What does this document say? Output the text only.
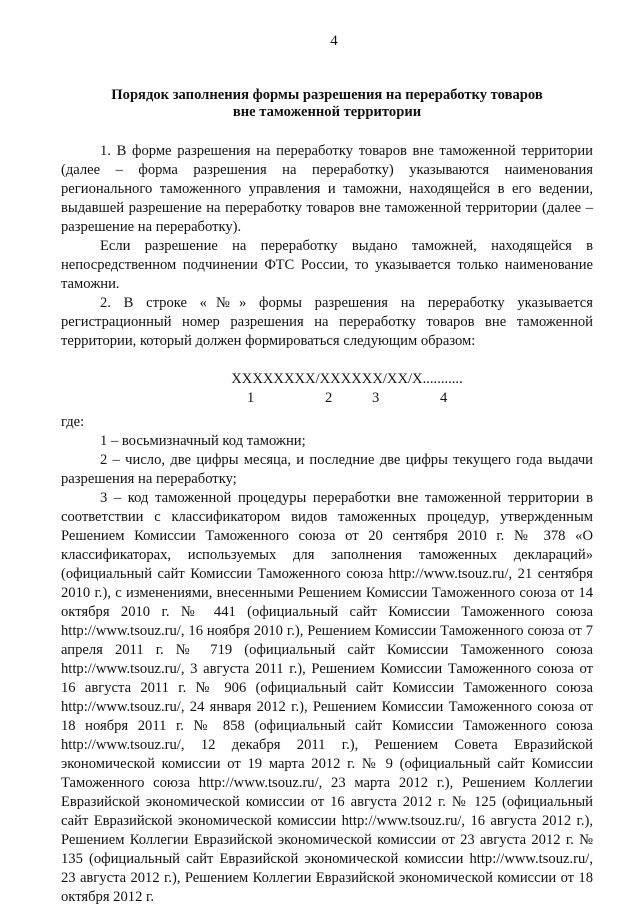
4
Порядок заполнения формы разрешения на переработку товаров
вне таможенной территории

1. В форме разрешения на переработку товаров вне таможенной территории (далее – форма разрешения на переработку) указываются наименования регионального таможенного управления и таможни, находящейся в его ведении, выдавшей разрешение на переработку товаров вне таможенной территории (далее – разрешение на переработку).

Если разрешение на переработку выдано таможней, находящейся в непосредственном подчинении ФТС России, то указывается только наименование таможни.

2. В строке «№» формы разрешения на переработку указывается регистрационный номер разрешения на переработку товаров вне таможенной территории, который должен формироваться следующим образом:

XXXXXXXX/XXXXXX/XX/X...........
1	2	3	4

где:

1 – восьмизначный код таможни;

2 – число, две цифры месяца, и последние две цифры текущего года выдачи разрешения на переработку;

3 – код таможенной процедуры переработки вне таможенной территории в соответствии с классификатором видов таможенных процедур, утвержденным Решением Комиссии Таможенного союза от 20 сентября 2010 г. № 378 «О классификаторах, используемых для заполнения таможенных деклараций» (официальный сайт Комиссии Таможенного союза http://www.tsouz.ru/, 21 сентября 2010 г.), с изменениями, внесенными Решением Комиссии Таможенного союза от 14 октября 2010 г. № 441 (официальный сайт Комиссии Таможенного союза http://www.tsouz.ru/, 16 ноября 2010 г.), Решением Комиссии Таможенного союза от 7 апреля 2011 г. № 719 (официальный сайт Комиссии Таможенного союза http://www.tsouz.ru/, 3 августа 2011 г.), Решением Комиссии Таможенного союза от 16 августа 2011 г. № 906 (официальный сайт Комиссии Таможенного союза http://www.tsouz.ru/, 24 января 2012 г.), Решением Комиссии Таможенного союза от 18 ноября 2011 г. № 858 (официальный сайт Комиссии Таможенного союза http://www.tsouz.ru/, 12 декабря 2011 г.), Решением Совета Евразийской экономической комиссии от 19 марта 2012 г. № 9 (официальный сайт Комиссии Таможенного союза http://www.tsouz.ru/, 23 марта 2012 г.), Решением Коллегии Евразийской экономической комиссии от 16 августа 2012 г. № 125 (официальный сайт Евразийской экономической комиссии http://www.tsouz.ru/, 16 августа 2012 г.), Решением Коллегии Евразийской экономической комиссии от 23 августа 2012 г. № 135 (официальный сайт Евразийской экономической комиссии http://www.tsouz.ru/, 23 августа 2012 г.), Решением Коллегии Евразийской экономической комиссии от 18 октября 2012 г.
